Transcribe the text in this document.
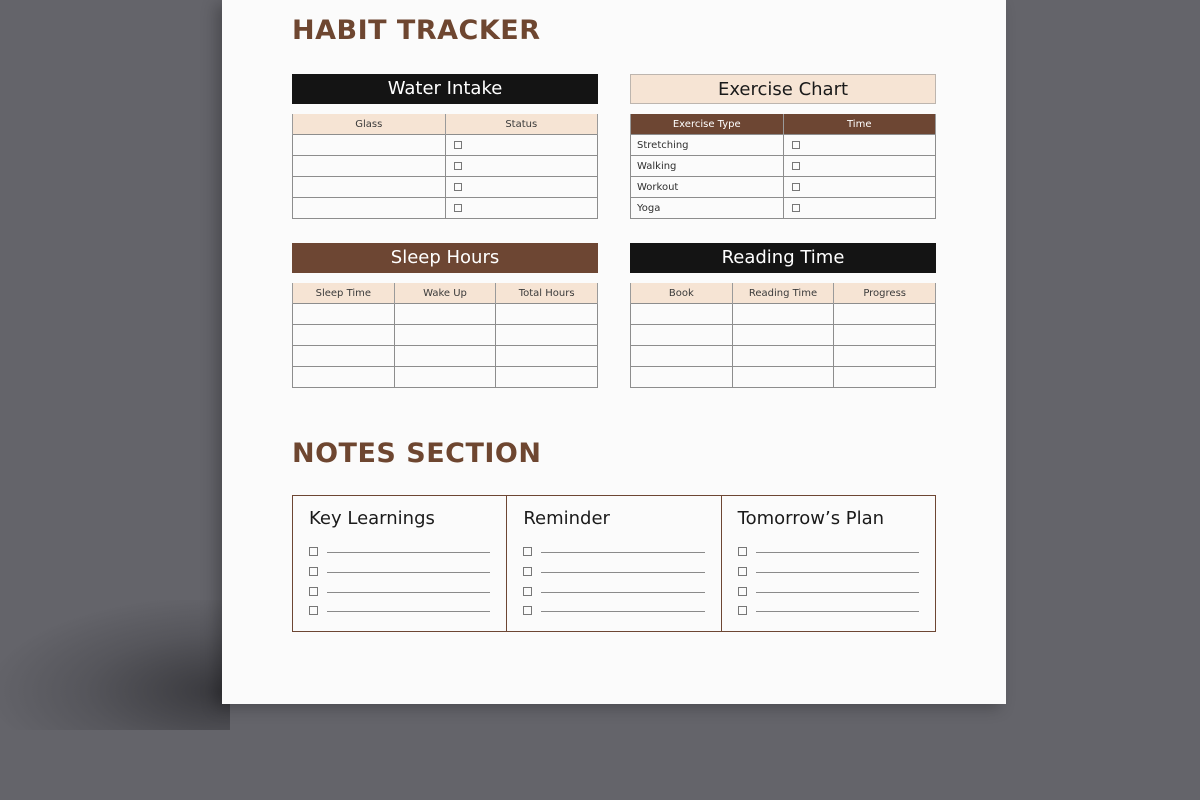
HABIT TRACKER
Water Intake
Glass	Status

Exercise Chart
Exercise Type	Time
Stretching	
Walking	
Workout	
Yoga	
Sleep Hours
Sleep Time	Wake Up	Total Hours

Reading Time
Book	Reading Time	Progress

NOTES SECTION
Key Learnings	Reminder	Tomorrow’s Plan
